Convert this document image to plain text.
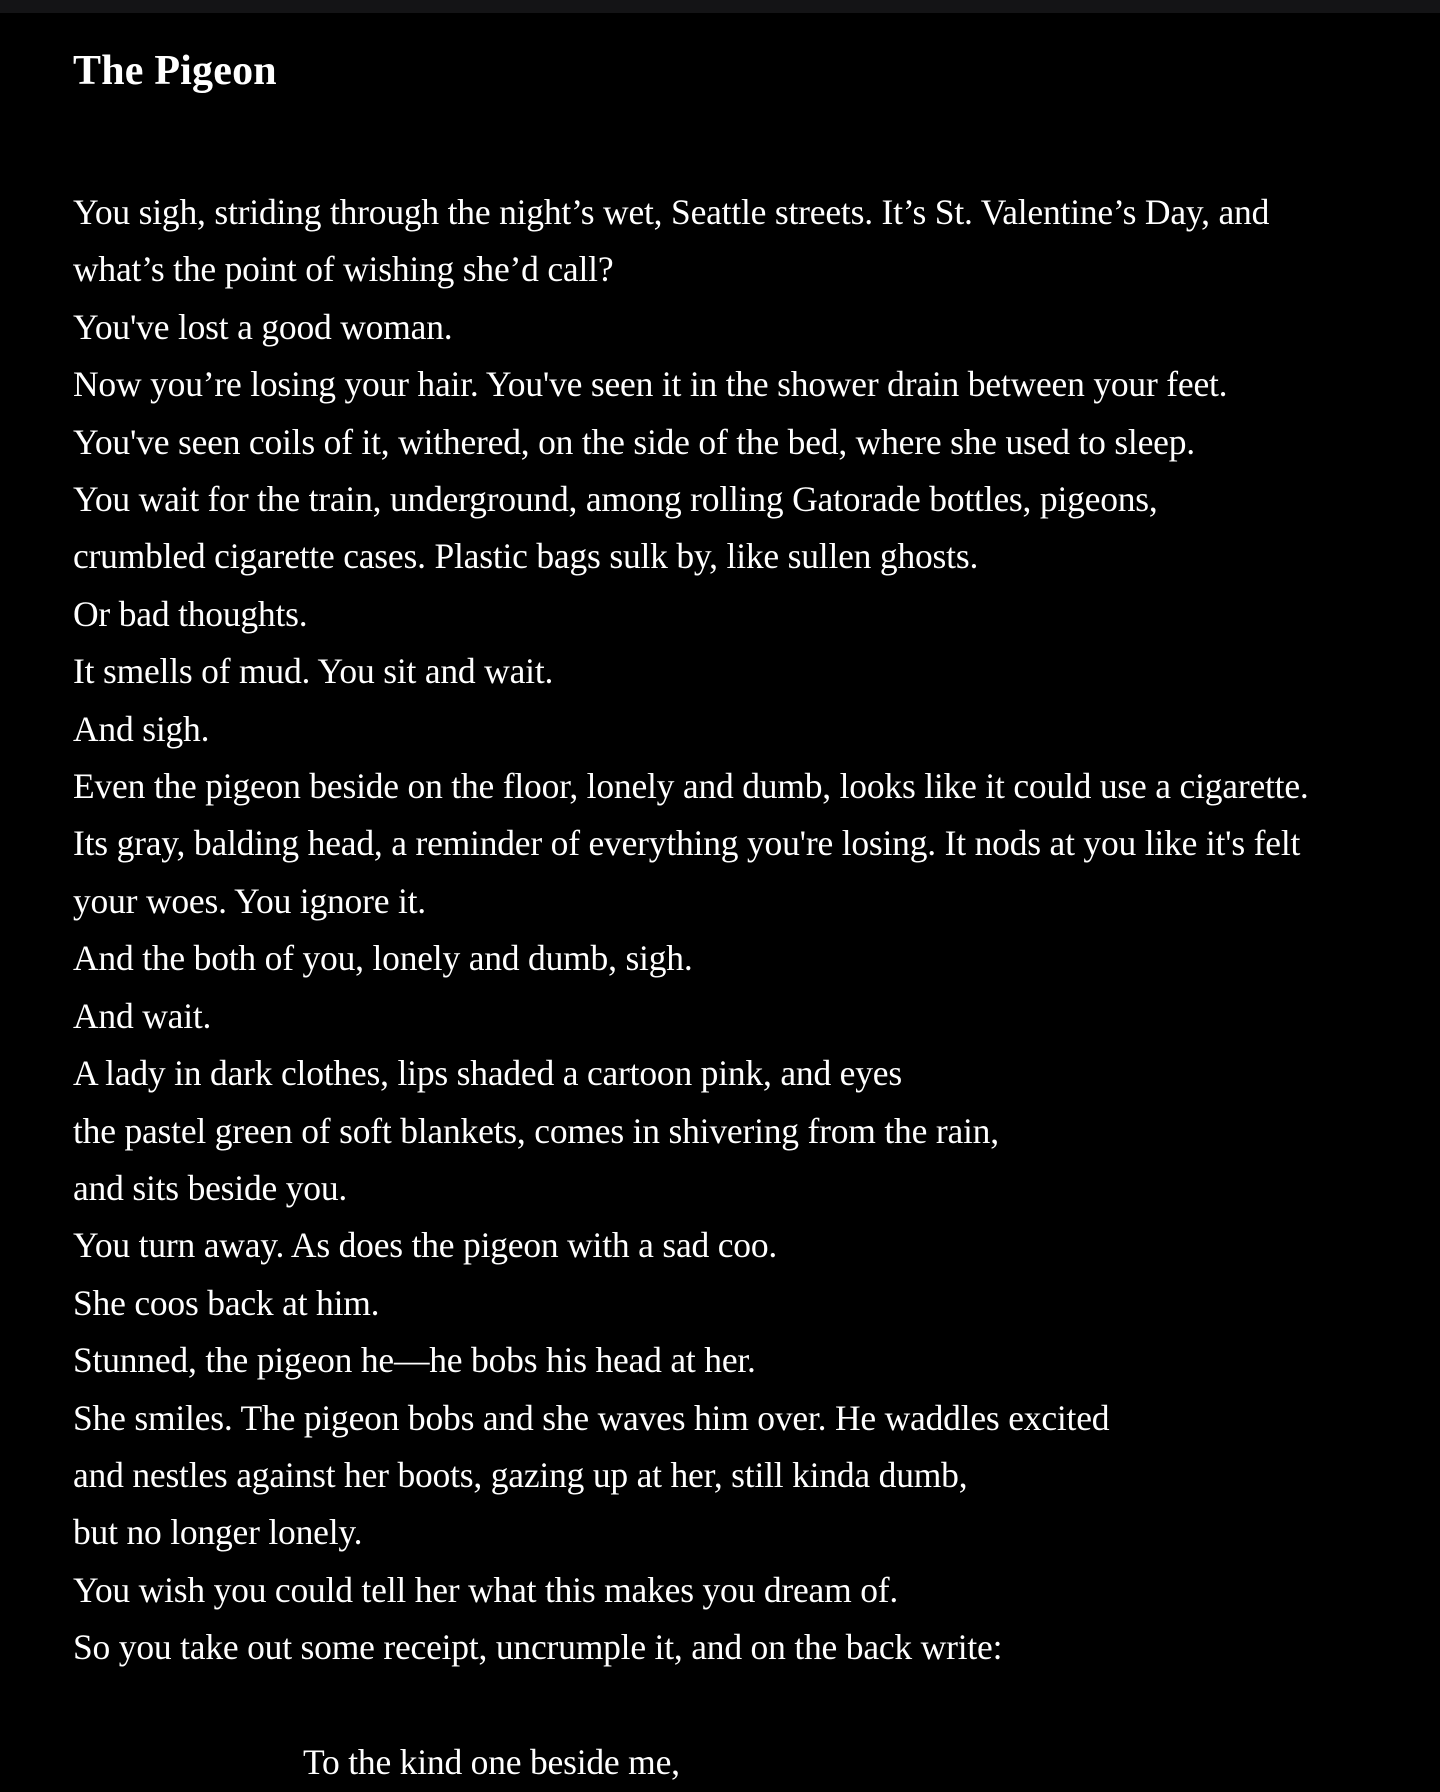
The Pigeon
You sigh, striding through the night’s wet, Seattle streets. It’s St. Valentine’s Day, and
what’s the point of wishing she’d call?
You've lost a good woman.
Now you’re losing your hair. You've seen it in the shower drain between your feet.
You've seen coils of it, withered, on the side of the bed, where she used to sleep.
You wait for the train, underground, among rolling Gatorade bottles, pigeons,
crumbled cigarette cases. Plastic bags sulk by, like sullen ghosts.
Or bad thoughts.
It smells of mud. You sit and wait.
And sigh.
Even the pigeon beside on the floor, lonely and dumb, looks like it could use a cigarette.
Its gray, balding head, a reminder of everything you're losing. It nods at you like it's felt
your woes. You ignore it.
And the both of you, lonely and dumb, sigh.
And wait.
A lady in dark clothes, lips shaded a cartoon pink, and eyes
the pastel green of soft blankets, comes in shivering from the rain,
and sits beside you.
You turn away. As does the pigeon with a sad coo.
She coos back at him.
Stunned, the pigeon he—he bobs his head at her.
She smiles. The pigeon bobs and she waves him over. He waddles excited
and nestles against her boots, gazing up at her, still kinda dumb,
but no longer lonely.
You wish you could tell her what this makes you dream of.
So you take out some receipt, uncrumple it, and on the back write:
To the kind one beside me,
